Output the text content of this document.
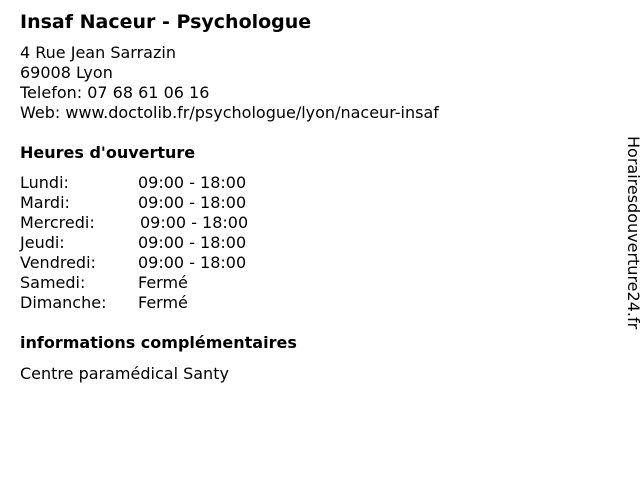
Insaf Naceur - Psychologue
4 Rue Jean Sarrazin
69008 Lyon
Telefon: 07 68 61 06 16
Web: www.doctolib.fr/psychologue/lyon/naceur-insaf
Heures d'ouverture
Lundi:	09:00 - 18:00
Mardi:	09:00 - 18:00
Mercredi:	09:00 - 18:00
Jeudi:	09:00 - 18:00
Vendredi:	09:00 - 18:00
Samedi:	Fermé
Dimanche: Fermé
informations complémentaires
Centre paramédical Santy
Horairesdouverture24.fr
